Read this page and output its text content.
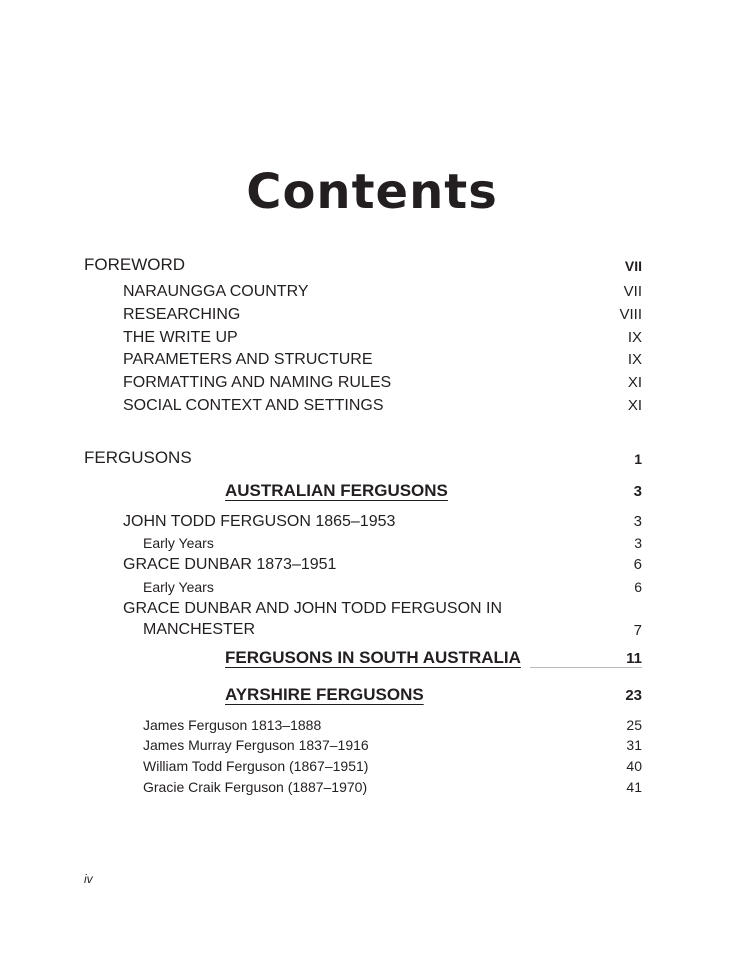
Contents
FOREWORD	VII
NARAUNGGA COUNTRY	VII
RESEARCHING	VIII
THE WRITE UP	IX
PARAMETERS AND STRUCTURE	IX
FORMATTING AND NAMING RULES	XI
SOCIAL CONTEXT AND SETTINGS	XI
FERGUSONS	1
AUSTRALIAN FERGUSONS	3
JOHN TODD FERGUSON 1865–1953	3
Early Years	3
GRACE DUNBAR 1873–1951	6
Early Years	6
GRACE DUNBAR AND JOHN TODD FERGUSON IN
MANCHESTER	7
FERGUSONS IN SOUTH AUSTRALIA	11
AYRSHIRE FERGUSONS	23
James Ferguson 1813–1888	25
James Murray Ferguson 1837–1916	31
William Todd Ferguson (1867–1951)	40
Gracie Craik Ferguson (1887–1970)	41
iv
